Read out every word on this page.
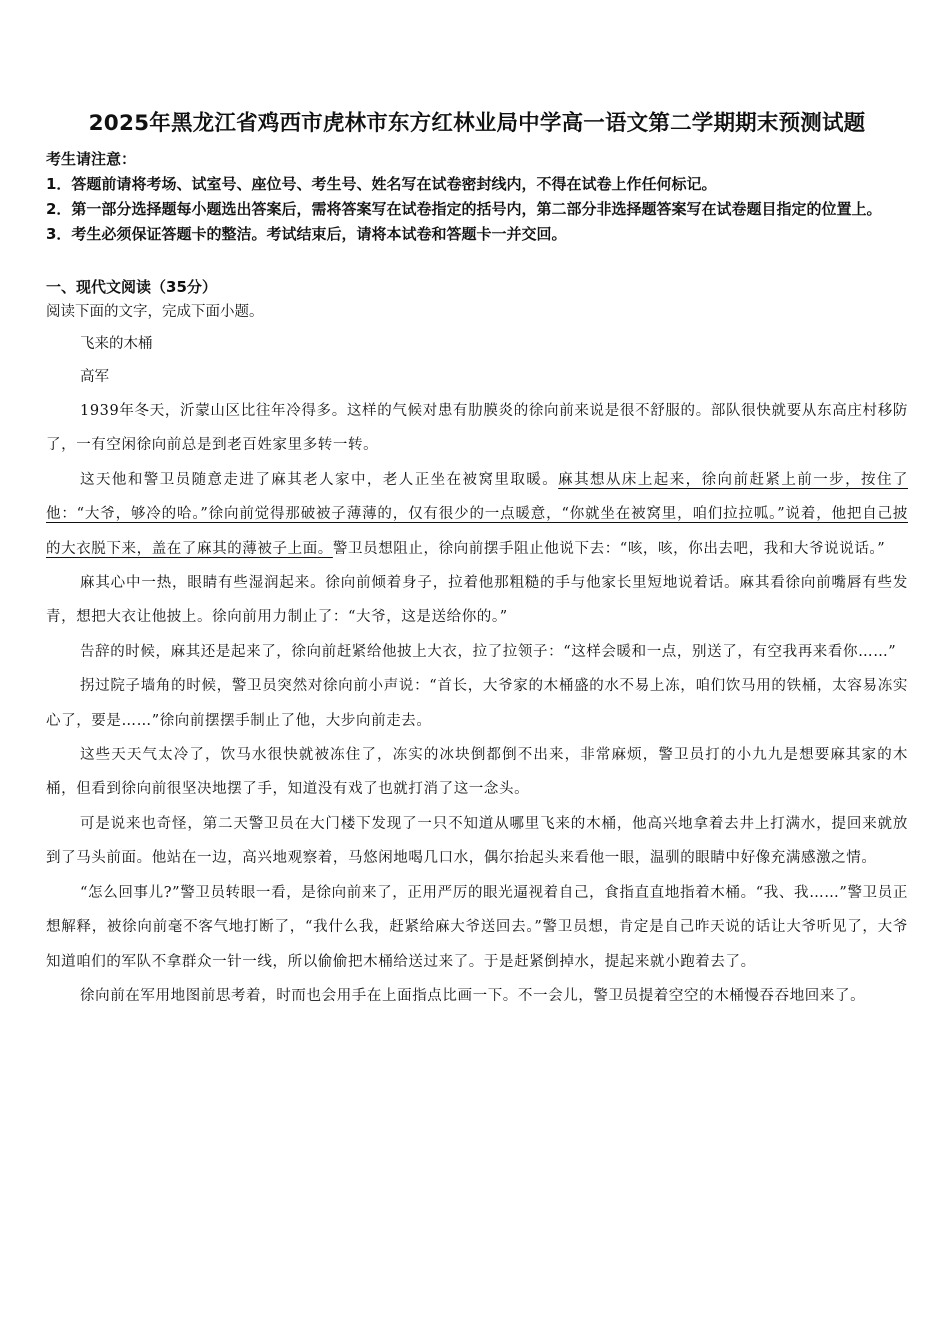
2025年黑龙江省鸡西市虎林市东方红林业局中学高一语文第二学期期末预测试题

考生请注意：

1．答题前请将考场、试室号、座位号、考生号、姓名写在试卷密封线内，不得在试卷上作任何标记。

2．第一部分选择题每小题选出答案后，需将答案写在试卷指定的括号内，第二部分非选择题答案写在试卷题目指定的位置上。

3．考生必须保证答题卡的整洁。考试结束后，请将本试卷和答题卡一并交回。

一、现代文阅读（35分）

阅读下面的文字，完成下面小题。

飞来的木桶

高军

1939年冬天，沂蒙山区比往年冷得多。这样的气候对患有肋膜炎的徐向前来说是很不舒服的。部队很快就要从东高庄村移防了，一有空闲徐向前总是到老百姓家里多转一转。

这天他和警卫员随意走进了麻其老人家中，老人正坐在被窝里取暖。麻其想从床上起来，徐向前赶紧上前一步，按住了他：“大爷，够冷的哈。”徐向前觉得那破被子薄薄的，仅有很少的一点暖意，“你就坐在被窝里，咱们拉拉呱。”说着，他把自己披的大衣脱下来，盖在了麻其的薄被子上面。警卫员想阻止，徐向前摆手阻止他说下去：“咳，咳，你出去吧，我和大爷说说话。”

麻其心中一热，眼睛有些湿润起来。徐向前倾着身子，拉着他那粗糙的手与他家长里短地说着话。麻其看徐向前嘴唇有些发青，想把大衣让他披上。徐向前用力制止了：“大爷，这是送给你的。”

告辞的时候，麻其还是起来了，徐向前赶紧给他披上大衣，拉了拉领子：“这样会暖和一点，别送了，有空我再来看你……”

拐过院子墙角的时候，警卫员突然对徐向前小声说：“首长，大爷家的木桶盛的水不易上冻，咱们饮马用的铁桶，太容易冻实心了，要是……”徐向前摆摆手制止了他，大步向前走去。

这些天天气太冷了，饮马水很快就被冻住了，冻实的冰块倒都倒不出来，非常麻烦，警卫员打的小九九是想要麻其家的木桶，但看到徐向前很坚决地摆了手，知道没有戏了也就打消了这一念头。

可是说来也奇怪，第二天警卫员在大门楼下发现了一只不知道从哪里飞来的木桶，他高兴地拿着去井上打满水，提回来就放到了马头前面。他站在一边，高兴地观察着，马悠闲地喝几口水，偶尔抬起头来看他一眼，温驯的眼睛中好像充满感激之情。

“怎么回事儿?”警卫员转眼一看，是徐向前来了，正用严厉的眼光逼视着自己，食指直直地指着木桶。“我、我……”警卫员正想解释，被徐向前毫不客气地打断了，“我什么我，赶紧给麻大爷送回去。”警卫员想，肯定是自己昨天说的话让大爷听见了，大爷知道咱们的军队不拿群众一针一线，所以偷偷把木桶给送过来了。于是赶紧倒掉水，提起来就小跑着去了。

徐向前在军用地图前思考着，时而也会用手在上面指点比画一下。不一会儿，警卫员提着空空的木桶慢吞吞地回来了。
